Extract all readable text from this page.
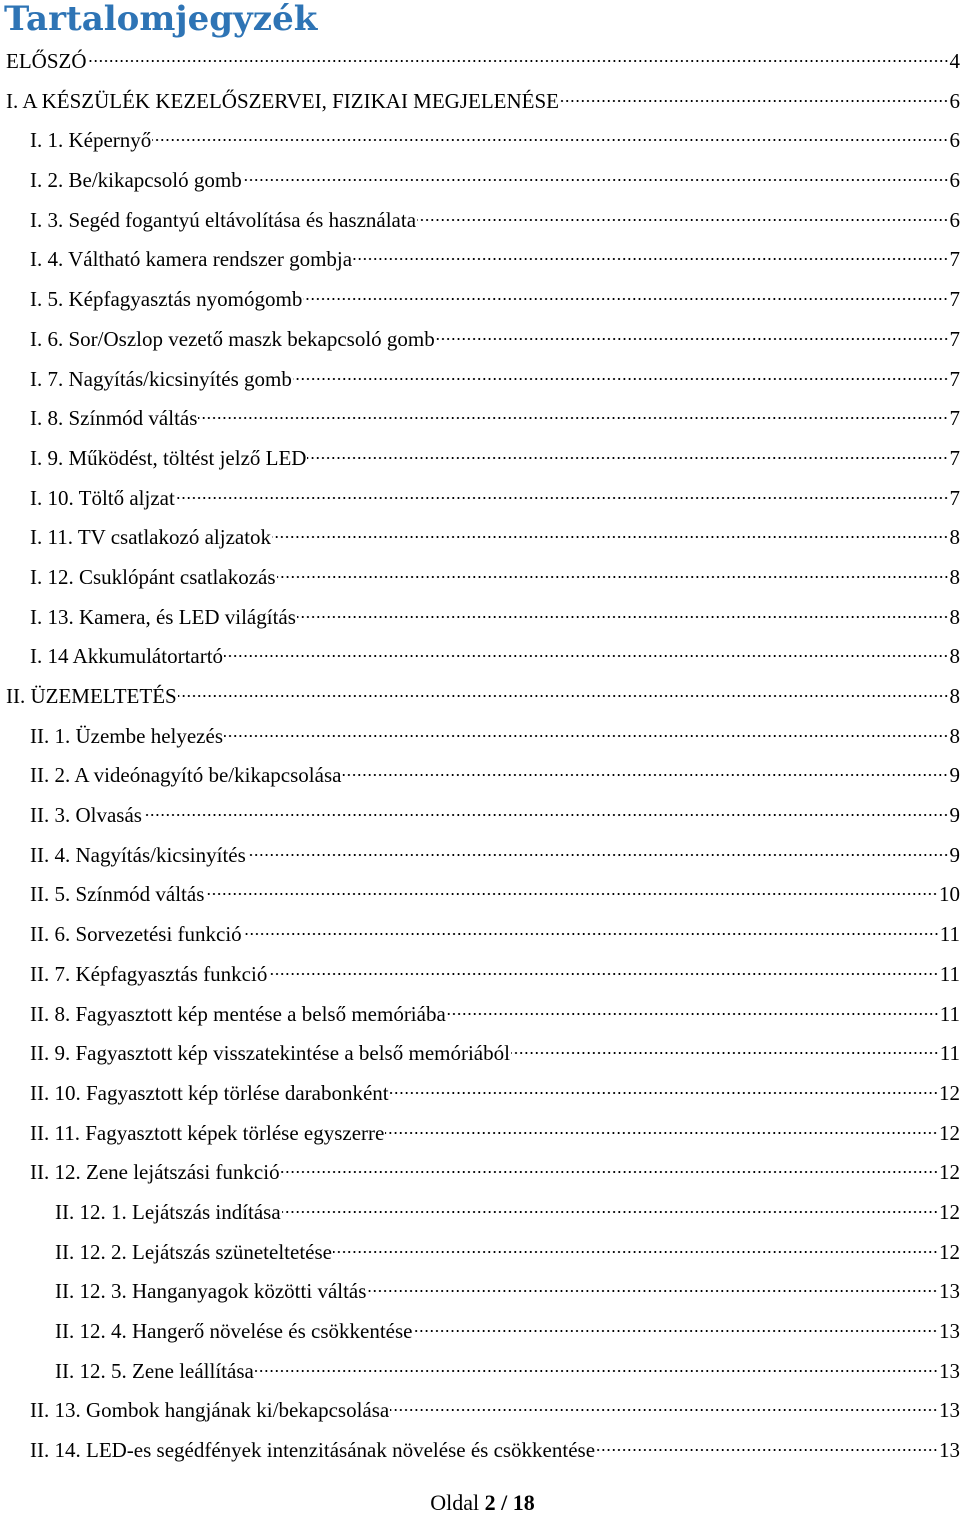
Tartalomjegyzék
ELŐSZÓ	4
I. A KÉSZÜLÉK KEZELŐSZERVEI, FIZIKAI MEGJELENÉSE	6
I. 1. Képernyő	6
I. 2. Be/kikapcsoló gomb	6
I. 3. Segéd fogantyú eltávolítása és használata	6
I. 4. Váltható kamera rendszer gombja	7
I. 5. Képfagyasztás nyomógomb	7
I. 6. Sor/Oszlop vezető maszk bekapcsoló gomb	7
I. 7. Nagyítás/kicsinyítés gomb	7
I. 8. Színmód váltás	7
I. 9. Működést, töltést jelző LED	7
I. 10. Töltő aljzat	7
I. 11. TV csatlakozó aljzatok	8
I. 12. Csuklópánt csatlakozás	8
I. 13. Kamera, és LED világítás	8
I. 14 Akkumulátortartó	8
II. ÜZEMELTETÉS	8
II. 1. Üzembe helyezés	8
II. 2. A videónagyító be/kikapcsolása	9
II. 3. Olvasás	9
II. 4. Nagyítás/kicsinyítés	9
II. 5. Színmód váltás	10
II. 6. Sorvezetési funkció	11
II. 7. Képfagyasztás funkció	11
II. 8. Fagyasztott kép mentése a belső memóriába	11
II. 9. Fagyasztott kép visszatekintése a belső memóriából	11
II. 10. Fagyasztott kép törlése darabonként	12
II. 11. Fagyasztott képek törlése egyszerre	12
II. 12. Zene lejátszási funkció	12
II. 12. 1. Lejátszás indítása	12
II. 12. 2. Lejátszás szüneteltetése	12
II. 12. 3. Hanganyagok közötti váltás	13
II. 12. 4. Hangerő növelése és csökkentése	13
II. 12. 5. Zene leállítása	13
II. 13. Gombok hangjának ki/bekapcsolása	13
II. 14. LED-es segédfények intenzitásának növelése és csökkentése	13
Oldal 2 / 18
